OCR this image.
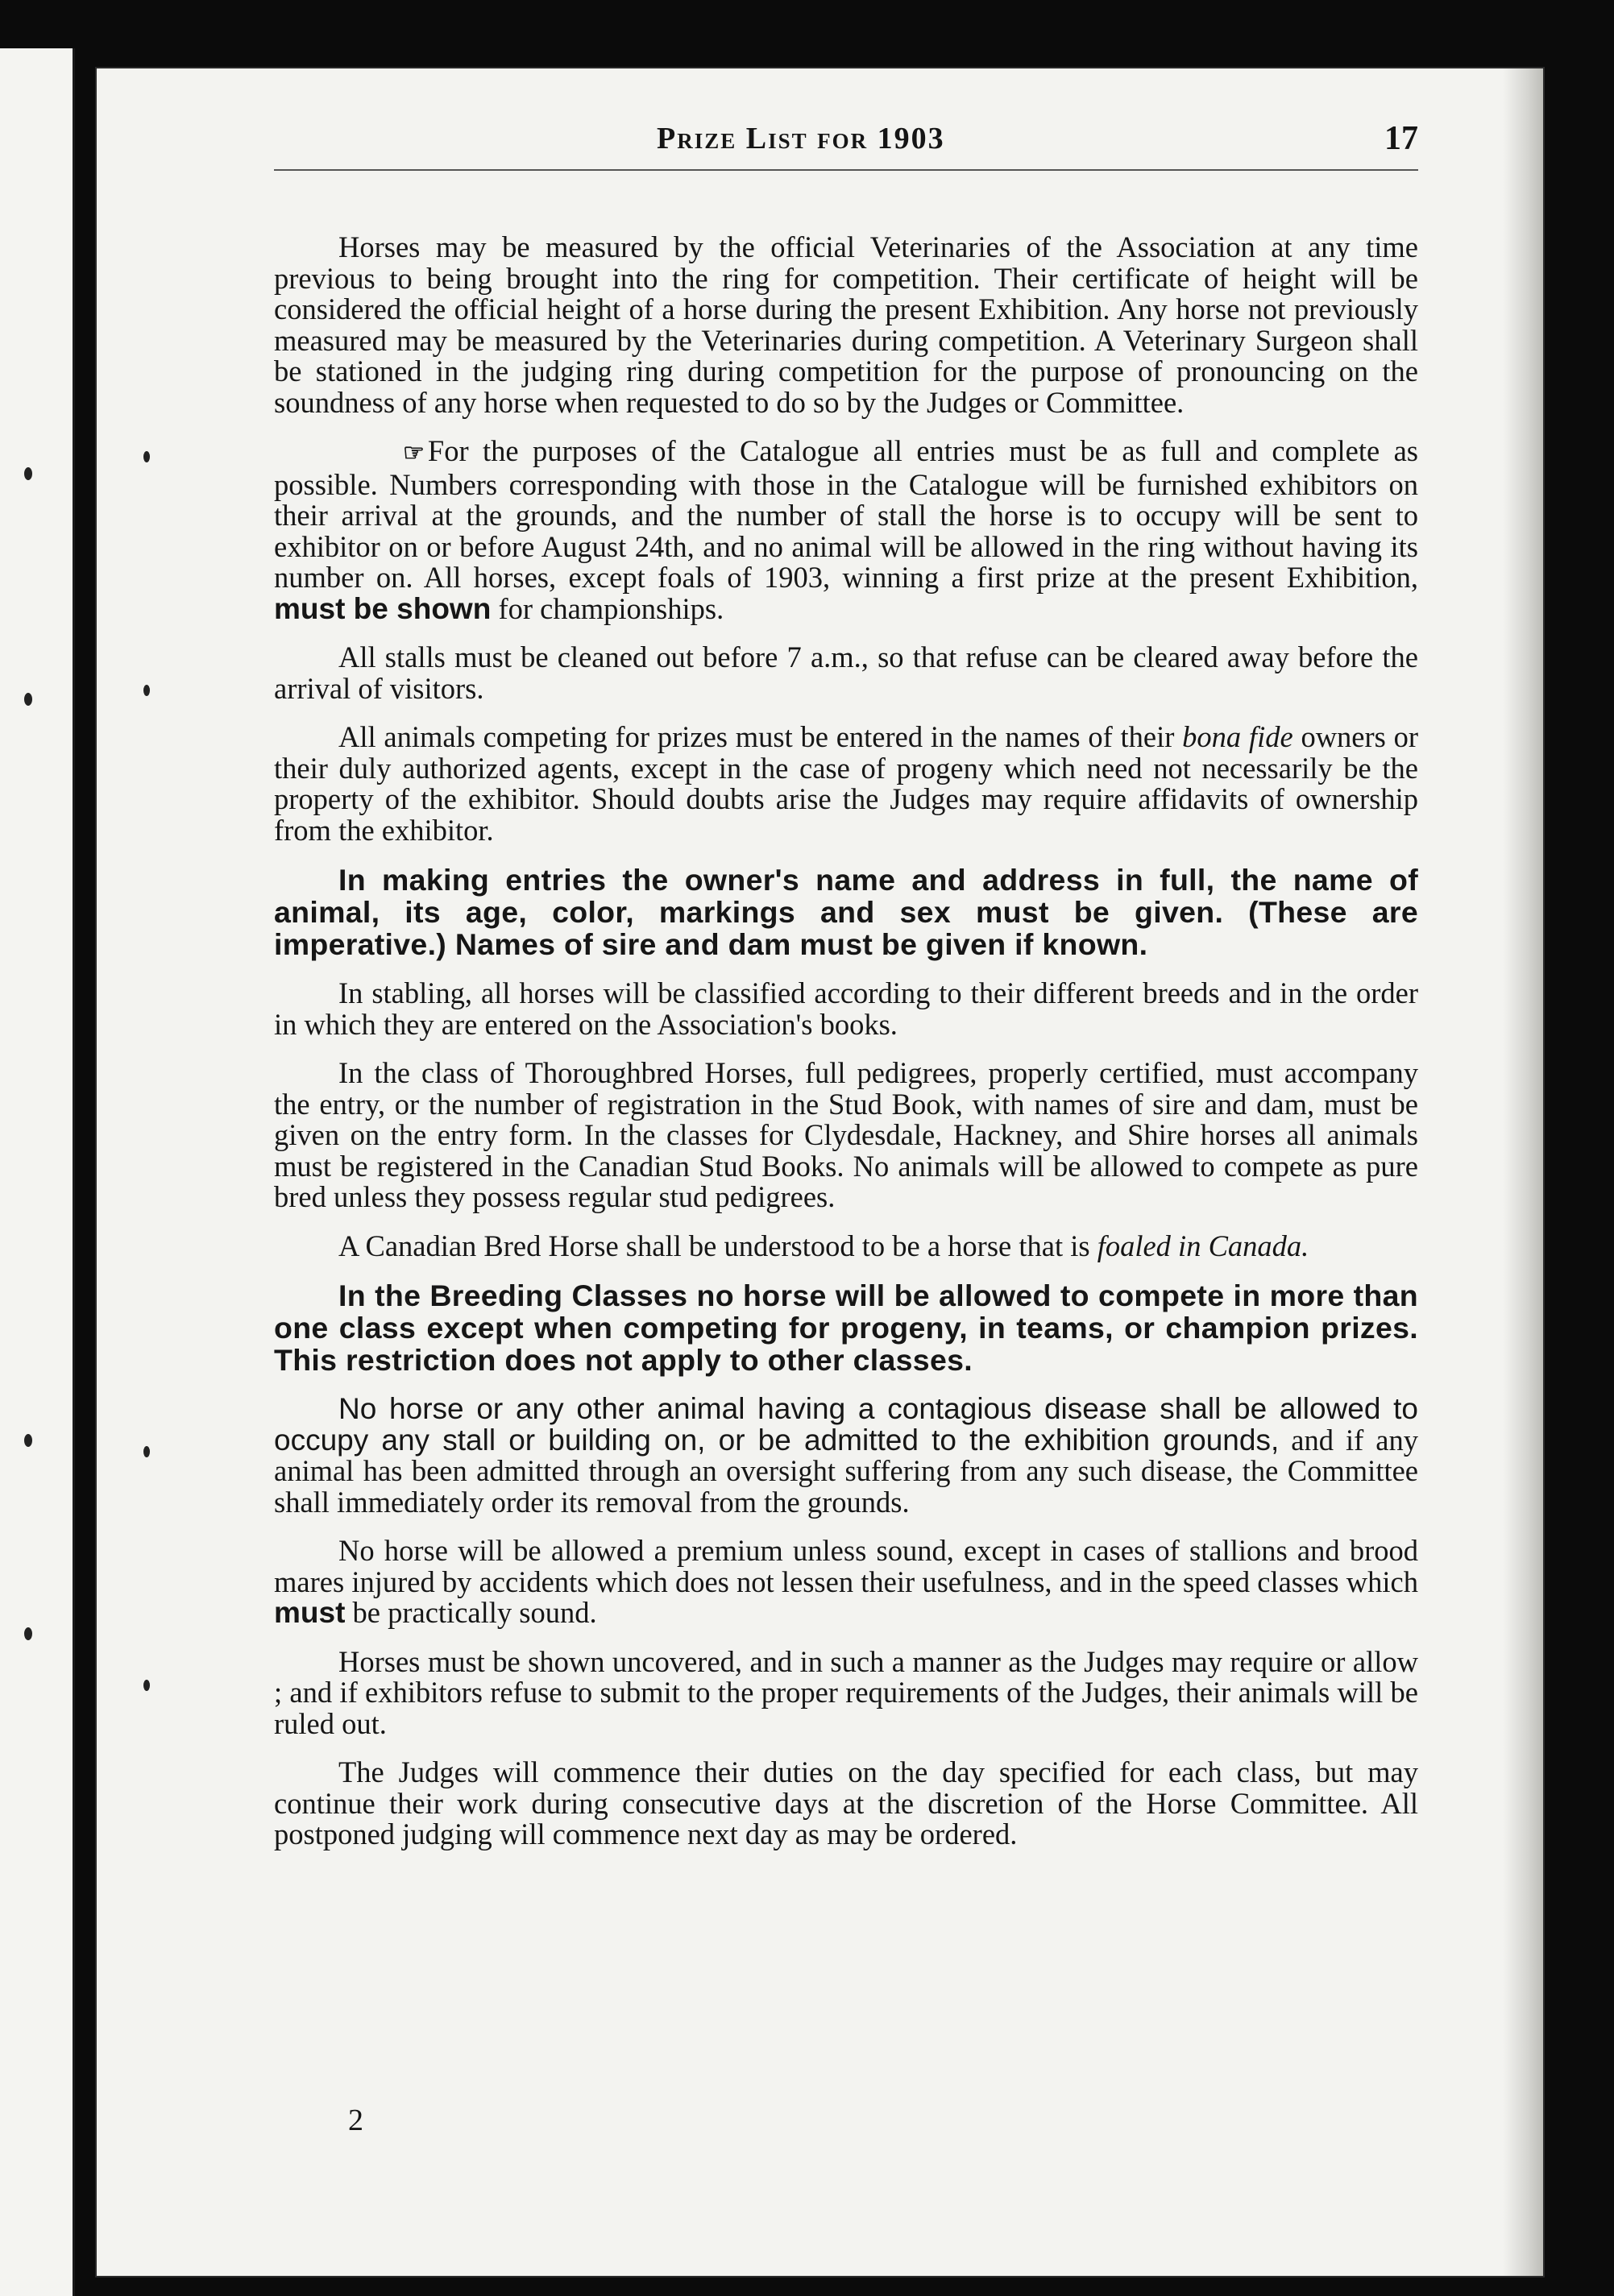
Prize List for 1903	17

Horses may be measured by the official Veterinaries of the Association at any time previous to being brought into the ring for competition. Their certificate of height will be considered the official height of a horse during the present Exhibition. Any horse not previously measured may be measured by the Veterinaries during competition. A Veterinary Surgeon shall be stationed in the judging ring during competition for the purpose of pronouncing on the soundness of any horse when requested to do so by the Judges or Committee.

☞ For the purposes of the Catalogue all entries must be as full and complete as possible. Numbers corresponding with those in the Catalogue will be furnished exhibitors on their arrival at the grounds, and the number of stall the horse is to occupy will be sent to exhibitor on or before August 24th, and no animal will be allowed in the ring without having its number on. All horses, except foals of 1903, winning a first prize at the present Exhibition, must be shown for championships.

All stalls must be cleaned out before 7 a.m., so that refuse can be cleared away before the arrival of visitors.

All animals competing for prizes must be entered in the names of their bona fide owners or their duly authorized agents, except in the case of progeny which need not necessarily be the property of the exhibitor. Should doubts arise the Judges may require affidavits of ownership from the exhibitor.

In making entries the owner's name and address in full, the name of animal, its age, color, markings and sex must be given. (These are imperative.) Names of sire and dam must be given if known.

In stabling, all horses will be classified according to their different breeds and in the order in which they are entered on the Association's books.

In the class of Thoroughbred Horses, full pedigrees, properly certified, must accompany the entry, or the number of registration in the Stud Book, with names of sire and dam, must be given on the entry form. In the classes for Clydesdale, Hackney, and Shire horses all animals must be registered in the Canadian Stud Books. No animals will be allowed to compete as pure bred unless they possess regular stud pedigrees.

A Canadian Bred Horse shall be understood to be a horse that is foaled in Canada.

In the Breeding Classes no horse will be allowed to compete in more than one class except when competing for progeny, in teams, or champion prizes. This restriction does not apply to other classes.

No horse or any other animal having a contagious disease shall be allowed to occupy any stall or building on, or be admitted to the exhibition grounds, and if any animal has been admitted through an oversight suffering from any such disease, the Committee shall immediately order its removal from the grounds.

No horse will be allowed a premium unless sound, except in cases of stallions and brood mares injured by accidents which does not lessen their usefulness, and in the speed classes which must be practically sound.

Horses must be shown uncovered, and in such a manner as the Judges may require or allow ; and if exhibitors refuse to submit to the proper requirements of the Judges, their animals will be ruled out.

The Judges will commence their duties on the day specified for each class, but may continue their work during consecutive days at the discretion of the Horse Committee. All postponed judging will commence next day as may be ordered.

2
